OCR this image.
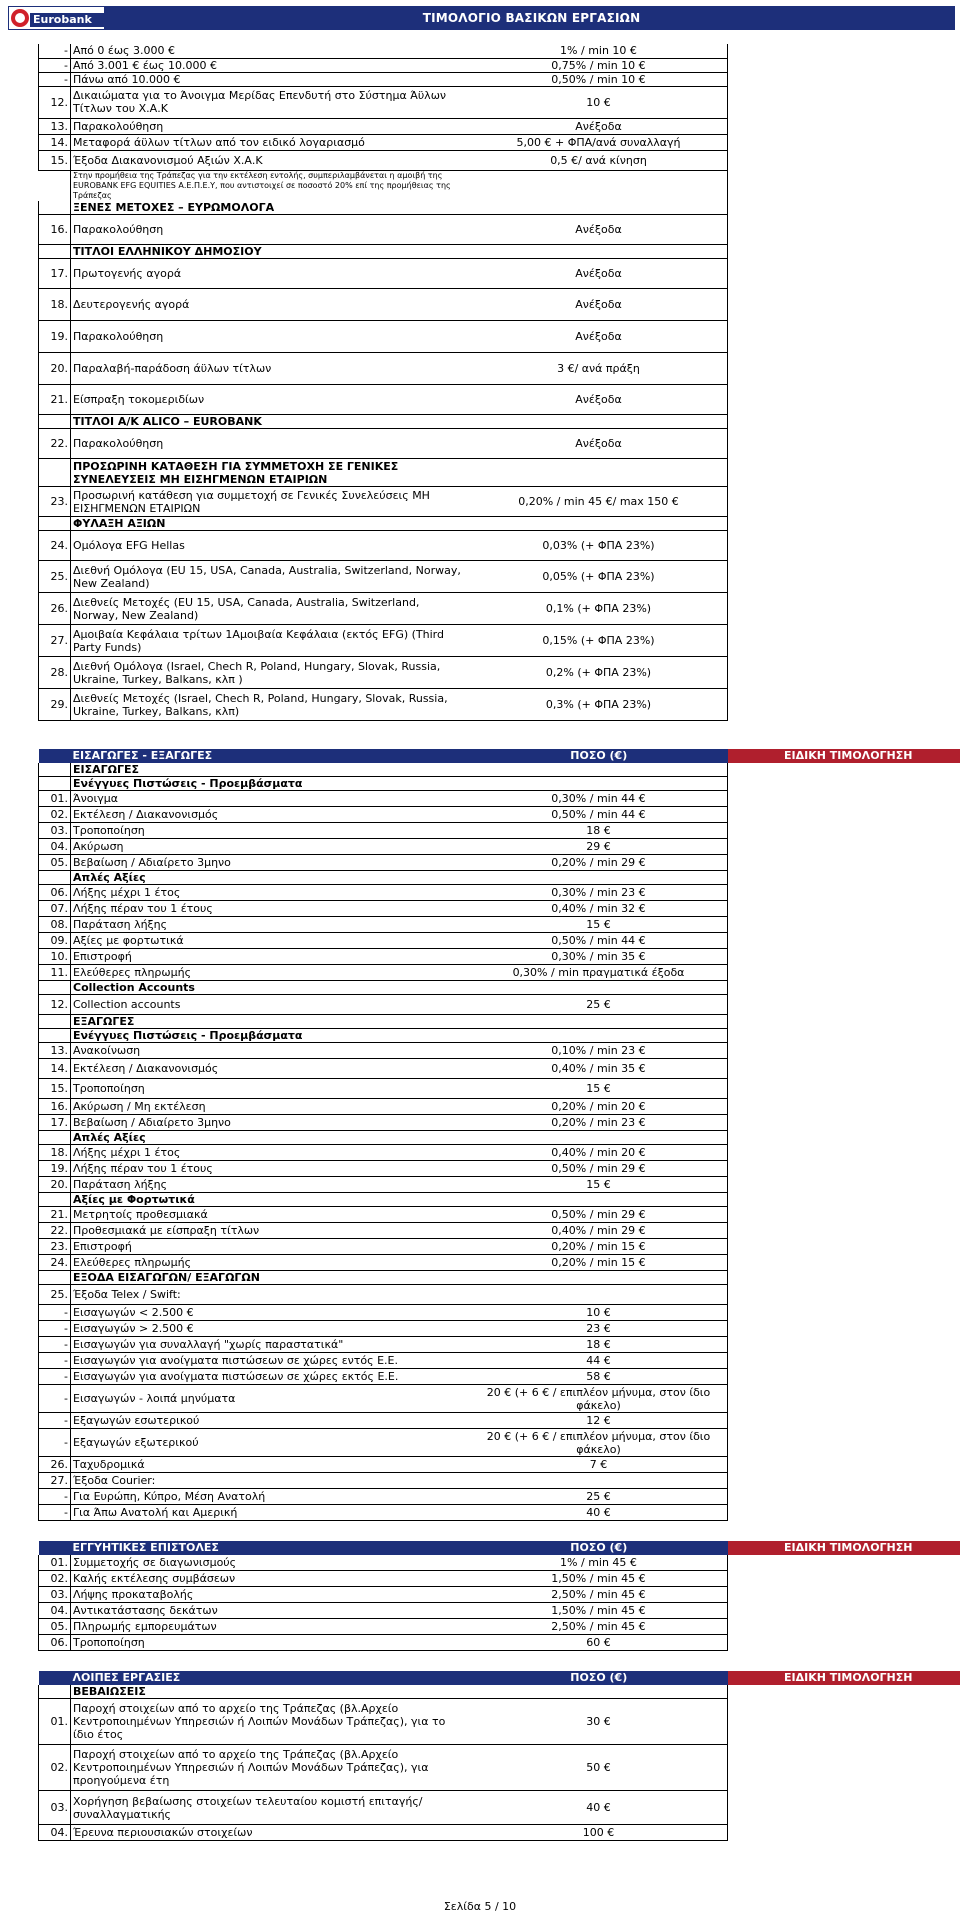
Eurobank	ΤΙΜΟΛΟΓΙΟ ΒΑΣΙΚΩΝ ΕΡΓΑΣΙΩΝ
-	Από 0 έως 3.000 €	1% / min 10 €	
-	Από 3.001 € έως 10.000 €	0,75% / min 10 €	
-	Πάνω από 10.000 €	0,50% / min 10 €	
12.	Δικαιώματα για το Άνοιγμα Μερίδας Επενδυτή στο Σύστημα Άϋλων Τίτλων του Χ.Α.Κ	10 €	
13.	Παρακολούθηση	Ανέξοδα	
14.	Μεταφορά άϋλων τίτλων από τον ειδικό λογαριασμό	5,00 € + ΦΠΑ/ανά συναλλαγή	
15.	Έξοδα Διακανονισμού Αξιών Χ.Α.Κ	0,5 €/ ανά κίνηση	
	Στην προμήθεια της Τράπεζας για την εκτέλεση εντολής, συμπεριλαμβάνεται η αμοιβή της EUROBANK EFG EQUITIES Α.Ε.Π.Ε.Υ, που αντιστοιχεί σε ποσοστό 20% επί της προμήθειας της Τράπεζας		
	ΞΕΝΕΣ ΜΕΤΟΧΕΣ – ΕΥΡΩΜΟΛΟΓΑ		
16.	Παρακολούθηση	Ανέξοδα	
	ΤΙΤΛΟΙ ΕΛΛΗΝΙΚΟΥ ΔΗΜΟΣΙΟΥ		
17.	Πρωτογενής αγορά	Ανέξοδα	
18.	Δευτερογενής αγορά	Ανέξοδα	
19.	Παρακολούθηση	Ανέξοδα	
20.	Παραλαβή-παράδοση άϋλων τίτλων	3 €/ ανά πράξη	
21.	Είσπραξη τοκομεριδίων	Ανέξοδα	
	ΤΙΤΛΟΙ Α/Κ ALICO – EUROBANK		
22.	Παρακολούθηση	Ανέξοδα	
	ΠΡΟΣΩΡΙΝΗ ΚΑΤΑΘΕΣΗ ΓΙΑ ΣΥΜΜΕΤΟΧΗ ΣΕ ΓΕΝΙΚΕΣ ΣΥΝΕΛΕΥΣΕΙΣ ΜΗ ΕΙΣΗΓΜΕΝΩΝ ΕΤΑΙΡΙΩΝ		
23.	Προσωρινή κατάθεση για συμμετοχή σε Γενικές Συνελεύσεις ΜΗ ΕΙΣΗΓΜΕΝΩΝ ΕΤΑΙΡΙΩΝ	0,20% / min 45 €/ max 150 €	
	ΦΥΛΑΞΗ ΑΞΙΩΝ		
24.	Ομόλογα EFG Hellas	0,03% (+ ΦΠΑ 23%)	
25.	Διεθνή Ομόλογα (EU 15, USA, Canada, Australia, Switzerland, Norway, New Zealand)	0,05% (+ ΦΠΑ 23%)	
26.	Διεθνείς Μετοχές (EU 15, USA, Canada, Australia, Switzerland, Norway, New Zealand)	0,1% (+ ΦΠΑ 23%)	
27.	Αμοιβαία Κεφάλαια τρίτων 1Αμοιβαία Κεφάλαια (εκτός EFG) (Third Party Funds)	0,15% (+ ΦΠΑ 23%)	
28.	Διεθνή Ομόλογα (Israel, Chech R, Poland, Hungary, Slovak, Russia, Ukraine, Turkey, Balkans, κλπ )	0,2% (+ ΦΠΑ 23%)	
29.	Διεθνείς Μετοχές (Israel, Chech R, Poland, Hungary, Slovak, Russia, Ukraine, Turkey, Balkans, κλπ)	0,3% (+ ΦΠΑ 23%)	

	ΕΙΣΑΓΩΓΕΣ - ΕΞΑΓΩΓΕΣ	ΠΟΣΟ (€)	ΕΙΔΙΚΗ ΤΙΜΟΛΟΓΗΣΗ
	ΕΙΣΑΓΩΓΕΣ		
	Ενέγγυες Πιστώσεις - Προεμβάσματα		
01.	Άνοιγμα	0,30% / min 44 €	
02.	Εκτέλεση / Διακανονισμός	0,50% / min 44 €	
03.	Τροποποίηση	18 €	
04.	Ακύρωση	29 €	
05.	Βεβαίωση / Αδιαίρετο 3μηνο	0,20% / min 29 €	
	Απλές Αξίες		
06.	Λήξης μέχρι 1 έτος	0,30% / min 23 €	
07.	Λήξης πέραν του 1 έτους	0,40% / min 32 €	
08.	Παράταση λήξης	15 €	
09.	Αξίες με φορτωτικά	0,50% / min 44 €	
10.	Επιστροφή	0,30% / min 35 €	
11.	Ελεύθερες πληρωμής	0,30% / min πραγματικά έξοδα	
	Collection Accounts		
12.	Collection accounts	25 €	
	ΕΞΑΓΩΓΕΣ		
	Ενέγγυες Πιστώσεις - Προεμβάσματα		
13.	Ανακοίνωση	0,10% / min 23 €	
14.	Εκτέλεση / Διακανονισμός	0,40% / min 35 €	
15.	Τροποποίηση	15 €	
16.	Ακύρωση / Μη εκτέλεση	0,20% / min 20 €	
17.	Βεβαίωση / Αδιαίρετο 3μηνο	0,20% / min 23 €	
	Απλές Αξίες		
18.	Λήξης μέχρι 1 έτος	0,40% / min 20 €	
19.	Λήξης πέραν του 1 έτους	0,50% / min 29 €	
20.	Παράταση λήξης	15 €	
	Αξίες με Φορτωτικά		
21.	Μετρητοίς προθεσμιακά	0,50% / min 29 €	
22.	Προθεσμιακά με είσπραξη τίτλων	0,40% / min 29 €	
23.	Επιστροφή	0,20% / min 15 €	
24.	Ελεύθερες πληρωμής	0,20% / min 15 €	
	ΕΞΟΔΑ ΕΙΣΑΓΩΓΩΝ/ ΕΞΑΓΩΓΩΝ		
25.	Έξοδα Telex / Swift:		
-	Εισαγωγών < 2.500 €	10 €	
-	Εισαγωγών > 2.500 €	23 €	
-	Εισαγωγών για συναλλαγή "χωρίς παραστατικά"	18 €	
-	Εισαγωγών για ανοίγματα πιστώσεων σε χώρες εντός Ε.Ε.	44 €	
-	Εισαγωγών για ανοίγματα πιστώσεων σε χώρες εκτός Ε.Ε.	58 €	
-	Εισαγωγών - λοιπά μηνύματα	20 € (+ 6 € / επιπλέον μήνυμα, στον ίδιο φάκελο)	
-	Εξαγωγών εσωτερικού	12 €	
-	Εξαγωγών εξωτερικού	20 € (+ 6 € / επιπλέον μήνυμα, στον ίδιο φάκελο)	
26.	Ταχυδρομικά	7 €	
27.	Έξοδα Courier:		
-	Για Ευρώπη, Κύπρο, Μέση Ανατολή	25 €	
-	Για Άπω Ανατολή και Αμερική	40 €	

	ΕΓΓΥΗΤΙΚΕΣ ΕΠΙΣΤΟΛΕΣ	ΠΟΣΟ (€)	ΕΙΔΙΚΗ ΤΙΜΟΛΟΓΗΣΗ
01.	Συμμετοχής σε διαγωνισμούς	1% / min 45 €	
02.	Καλής εκτέλεσης συμβάσεων	1,50% / min 45 €	
03.	Λήψης προκαταβολής	2,50% / min 45 €	
04.	Αντικατάστασης δεκάτων	1,50% / min 45 €	
05.	Πληρωμής εμπορευμάτων	2,50% / min 45 €	
06.	Τροποποίηση	60 €	

	ΛΟΙΠΕΣ ΕΡΓΑΣΙΕΣ	ΠΟΣΟ (€)	ΕΙΔΙΚΗ ΤΙΜΟΛΟΓΗΣΗ
	ΒΕΒΑΙΩΣΕΙΣ		
01.	Παροχή στοιχείων από το αρχείο της Τράπεζας (βλ.Αρχείο Κεντροποιημένων Υπηρεσιών ή Λοιπών Μονάδων Τράπεζας), για το ίδιο έτος	30 €	
02.	Παροχή στοιχείων από το αρχείο της Τράπεζας (βλ.Αρχείο Κεντροποιημένων Υπηρεσιών ή Λοιπών Μονάδων Τράπεζας), για προηγούμενα έτη	50 €	
03.	Χορήγηση βεβαίωσης στοιχείων τελευταίου κομιστή επιταγής/ συναλλαγματικής	40 €	
04.	Έρευνα περιουσιακών στοιχείων	100 €	
Σελίδα 5 / 10
